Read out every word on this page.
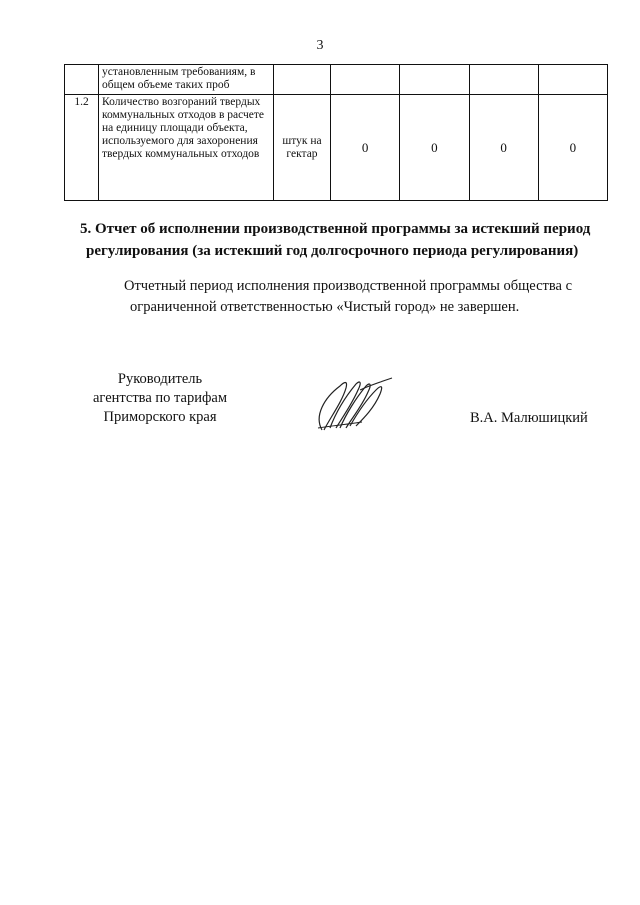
3
	установленным требованиям, в общем объеме таких проб					
1.2	Количество возгораний твердых коммунальных отходов в расчете на единицу площади объекта, используемого для захоронения твердых коммунальных отходов	штук на гектар	0	0	0	0
5. Отчет об исполнении производственной программы за истекший период
регулирования (за истекший год долгосрочного периода регулирования)
Отчетный период исполнения производственной программы общества с
ограниченной ответственностью «Чистый город» не завершен.
Руководитель
агентства по тарифам
Приморского края	В.А. Малюшицкий
